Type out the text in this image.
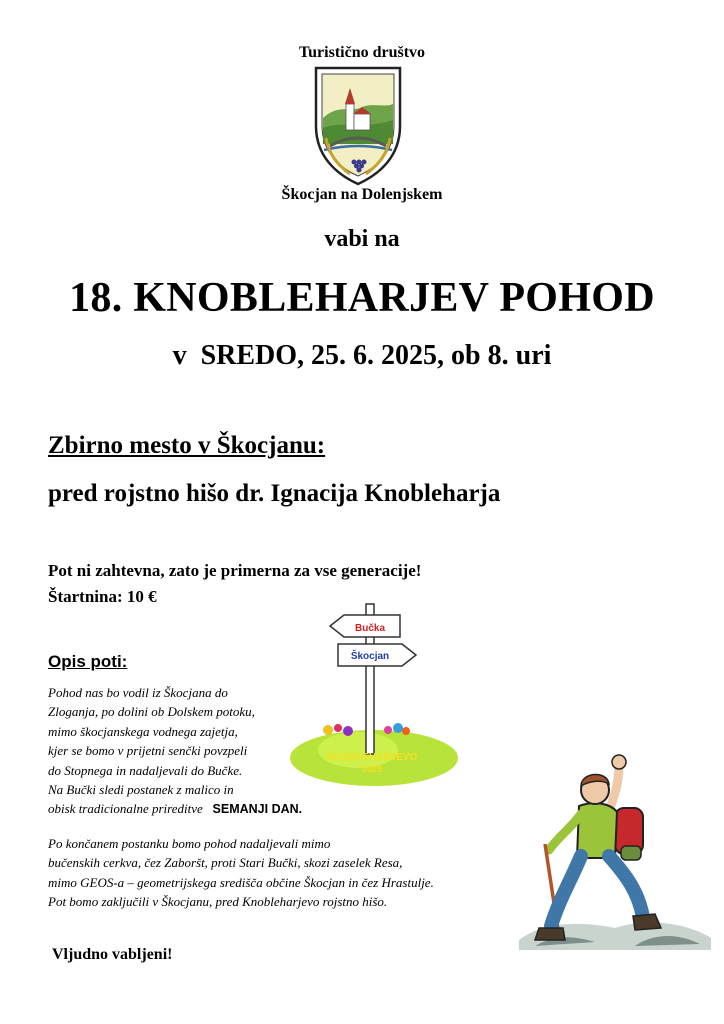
Turistično društvo
Škocjan na Dolenjskem
vabi na
18. KNOBLEHARJEV POHOD
v  SREDO, 25. 6. 2025, ob 8. uri
Zbirno mesto v Škocjanu:
pred rojstno hišo dr. Ignacija Knobleharja
Pot ni zahtevna, zato je primerna za vse generacije!
Štartnina: 10 €
Opis poti:
Pohod nas bo vodil iz Škocjana do
Zloganja, po dolini ob Dolskem potoku,
mimo škocjanskega vodnega zajetja,
kjer se bomo v prijetni senčki povzpeli
do Stopnega in nadaljevali do Bučke.
Na Bučki sledi postanek z malico in
obisk tradicionalne prireditve SEMANJI DAN.
Po končanem postanku bomo pohod nadaljevali mimo
bučenskih cerkva, čez Zaboršt, proti Stari Bučki, skozi zaselek Resa,
mimo GEOS-a – geometrijskega središča občine Škocjan in čez Hrastulje.
Pot bomo zaključili v Škocjanu, pred Knobleharjevo rojstno hišo.
Bučka
Škocjan
KNOBLEHARJEVO
2025
Vljudno vabljeni!
